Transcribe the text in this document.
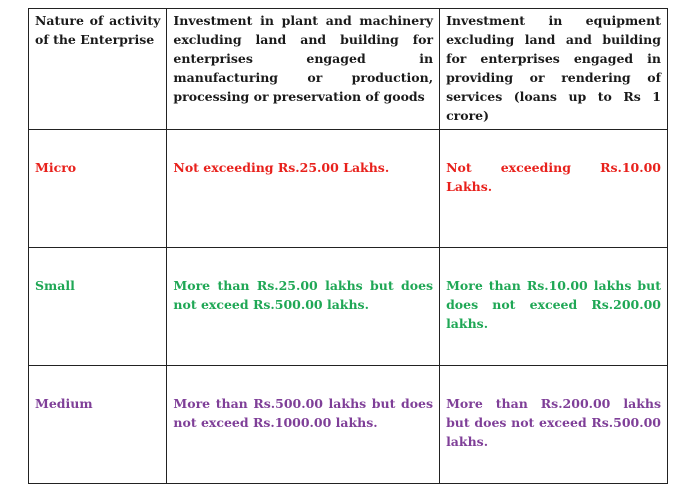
Nature of activity of the Enterprise	Investment in plant and machinery excluding land and building for enterprises engaged in manufacturing or production, processing or preservation of goods	Investment in equipment excluding land and building for enterprises engaged in providing or rendering of services (loans up to Rs 1 crore)

Micro	Not exceeding Rs.25.00 Lakhs.	Not exceeding Rs.10.00 Lakhs.

Small	More than Rs.25.00 lakhs but does not exceed Rs.500.00 lakhs.	More than Rs.10.00 lakhs but does not exceed Rs.200.00 lakhs.

Medium	More than Rs.500.00 lakhs but does not exceed Rs.1000.00 lakhs.	More than Rs.200.00 lakhs but does not exceed Rs.500.00 lakhs.
